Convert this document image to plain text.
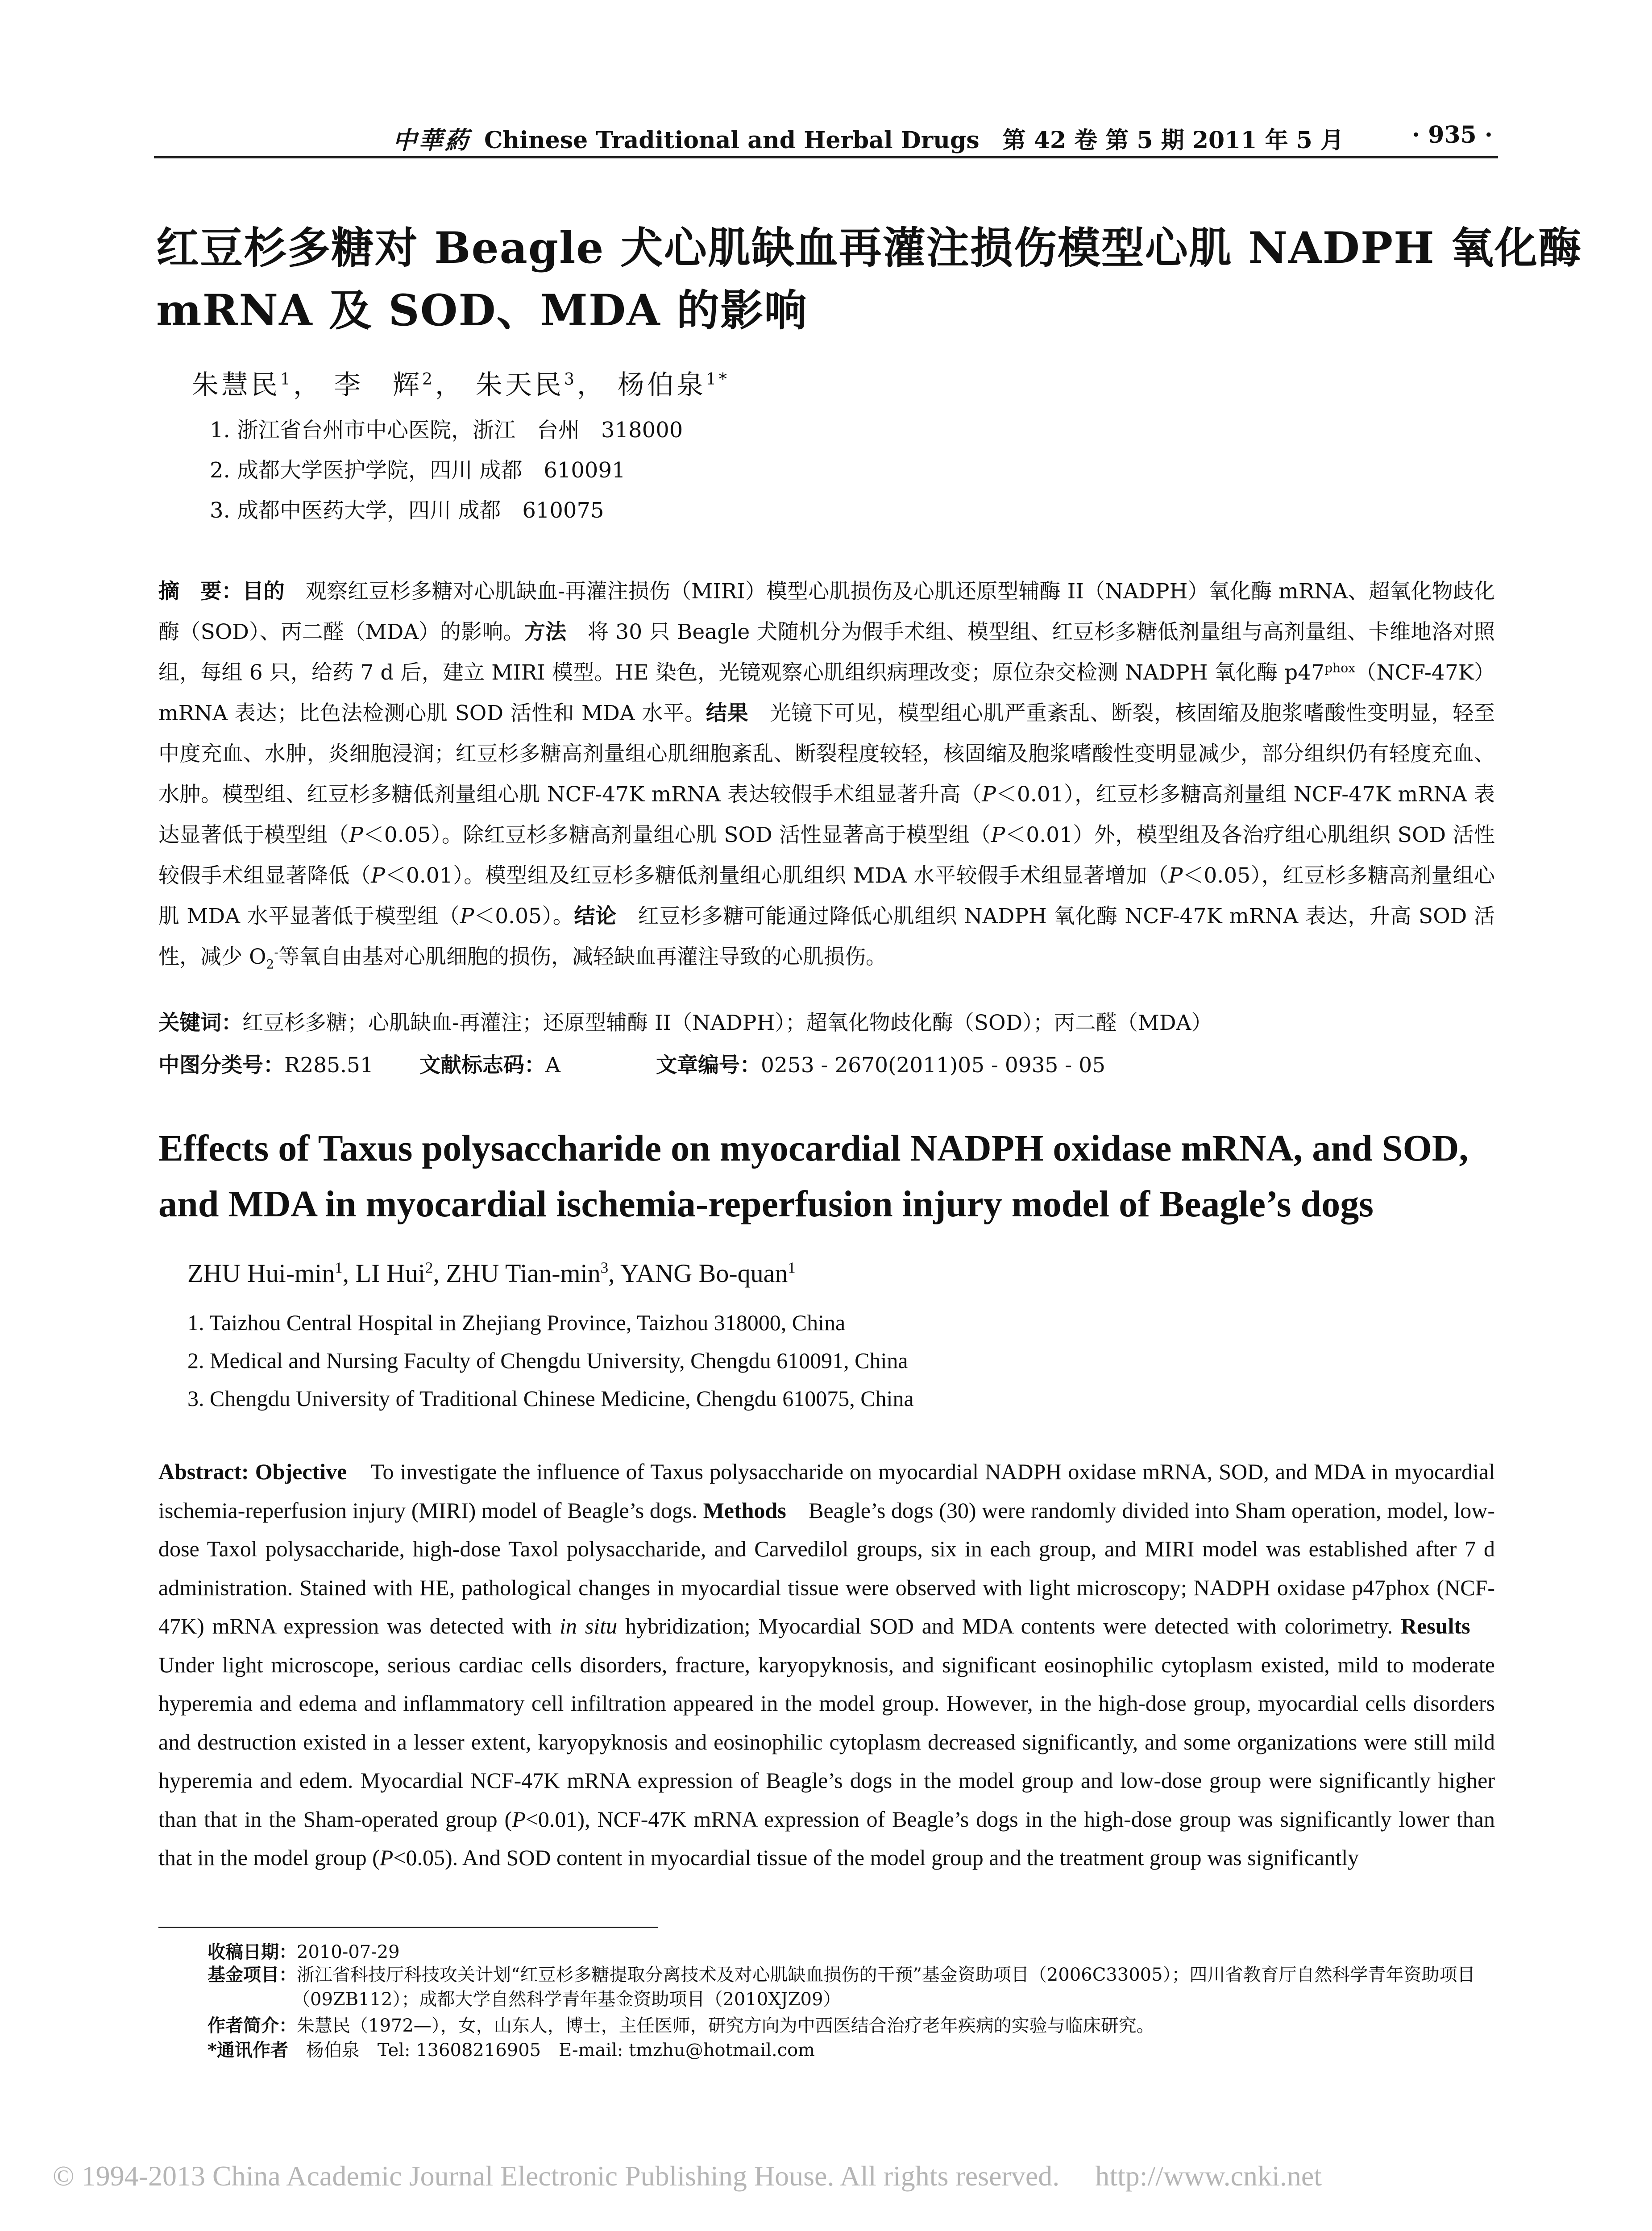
中華葯 Chinese Traditional and Herbal Drugs　第 42 卷 第 5 期 2011 年 5 月	· 935 ·
红豆杉多糖对 Beagle 犬心肌缺血再灌注损伤模型心肌 NADPH 氧化酶
mRNA 及 SOD、MDA 的影响
朱慧民$^1$， 李　辉$^2$， 朱天民$^3$， 杨伯泉$^{1*}$
1. 浙江省台州市中心医院，浙江　台州　318000
2. 成都大学医护学院，四川 成都　610091
3. 成都中医药大学，四川 成都　610075
摘　要：目的　观察红豆杉多糖对心肌缺血-再灌注损伤（MIRI）模型心肌损伤及心肌还原型辅酶 II（NADPH）氧化酶 mRNA、超氧化物歧化酶（SOD）、丙二醛（MDA）的影响。方法　将 30 只 Beagle 犬随机分为假手术组、模型组、红豆杉多糖低剂量组与高剂量组、卡维地洛对照组，每组 6 只，给药 7 d 后，建立 MIRI 模型。HE 染色，光镜观察心肌组织病理改变；原位杂交检测 NADPH 氧化酶 $p47^{phox}(NCF-47K)mRNA$ 表达；比色法检测心肌 SOD 活性和 MDA 水平。结果　光镜下可见，模型组心肌严重紊乱、断裂，核固缩及胞浆嗜酸性变明显，轻至中度充血、水肿，炎细胞浸润；红豆杉多糖高剂量组心肌细胞紊乱、断裂程度较轻，核固缩及胞浆嗜酸性变明显减少，部分组织仍有轻度充血、水肿。模型组、红豆杉多糖低剂量组心肌 NCF-47K mRNA 表达较假手术组显著升高（P＜0.01），红豆杉多糖高剂量组 NCF-47K mRNA 表达显著低于模型组（P＜0.05）。除红豆杉多糖高剂量组心肌 SOD 活性显著高于模型组（P＜0.01）外，模型组及各治疗组心肌组织 SOD 活性较假手术组显著降低（P＜0.01）。模型组及红豆杉多糖低剂量组心肌组织 MDA 水平较假手术组显著增加（P＜0.05），红豆杉多糖高剂量组心肌 MDA 水平显著低于模型组（P＜0.05）。结论　红豆杉多糖可能通过降低心肌组织 NADPH 氧化酶 NCF-47K mRNA 表达，升高 SOD 活性，减少 $O_2^-$等氧自由基对心肌细胞的损伤，减轻缺血再灌注导致的心肌损伤。
关键词：红豆杉多糖；心肌缺血-再灌注；还原型辅酶 II（NADPH）；超氧化物歧化酶（SOD）；丙二醛（MDA）
中图分类号：R285.51 文献标志码：A	文章编号：0253 - 2670(2011)05 - 0935 - 05
Effects of Taxus polysaccharide on myocardial NADPH oxidase mRNA, and SOD,
and MDA in myocardial ischemia-reperfusion injury model of Beagle’s dogs
ZHU Hui-$\min^1$, LI Hui$^2$, ZHU Tian-$\min^3$, YANG Bo-quan$^1$
1. Taizhou Central Hospital in Zhejiang Province, Taizhou 318000, China
2. Medical and Nursing Faculty of Chengdu University, Chengdu 610091, China
3. Chengdu University of Traditional Chinese Medicine, Chengdu 610075, China
Abstract: Objective　To investigate the influence of Taxus polysaccharide on myocardial NADPH oxidase mRNA, SOD, and MDA in myocardial ischemia-reperfusion injury (MIRI) model of Beagle’s dogs. Methods　Beagle’s dogs (30) were randomly divided into Sham operation, model, low-dose Taxol polysaccharide, high-dose Taxol polysaccharide, and Carvedilol groups, six in each group, and MIRI model was established after 7 d administration. Stained with HE, pathological changes in myocardial tissue were observed with light microscopy; NADPH oxidase p47phox (NCF-47K) mRNA expression was detected with in situ hybridization; Myocardial SOD and MDA contents were detected with colorimetry. Results　Under light microscope, serious cardiac cells disorders, fracture, karyopyknosis, and significant eosinophilic cytoplasm existed, mild to moderate hyperemia and edema and inflammatory cell infiltration appeared in the model group. However, in the high-dose group, myocardial cells disorders and destruction existed in a lesser extent, karyopyknosis and eosinophilic cytoplasm decreased significantly, and some organizations were still mild hyperemia and edem. Myocardial NCF-47K mRNA expression of Beagle’s dogs in the model group and low-dose group were significantly higher than that in the Sham-operated group (P<0.01), NCF-47K mRNA expression of Beagle’s dogs in the high-dose group was significantly lower than that in the model group (P<0.05). And SOD content in myocardial tissue of the model group and the treatment group was significantly
收稿日期：2010-07-29
基金项目：浙江省科技厅科技攻关计划“红豆杉多糖提取分离技术及对心肌缺血损伤的干预”基金资助项目（2006C33005）；四川省教育厅自然科学青年资助项目（09ZB112）；成都大学自然科学青年基金资助项目（2010XJZ09）
作者简介：朱慧民（1972—），女，山东人，博士，主任医师，研究方向为中西医结合治疗老年疾病的实验与临床研究。
*通讯作者　杨伯泉　Tel: 13608216905　E-mail: tmzhu@hotmail.com
© 1994-2013 China Academic Journal Electronic Publishing House. All rights reserved.　 http://www.cnki.net
